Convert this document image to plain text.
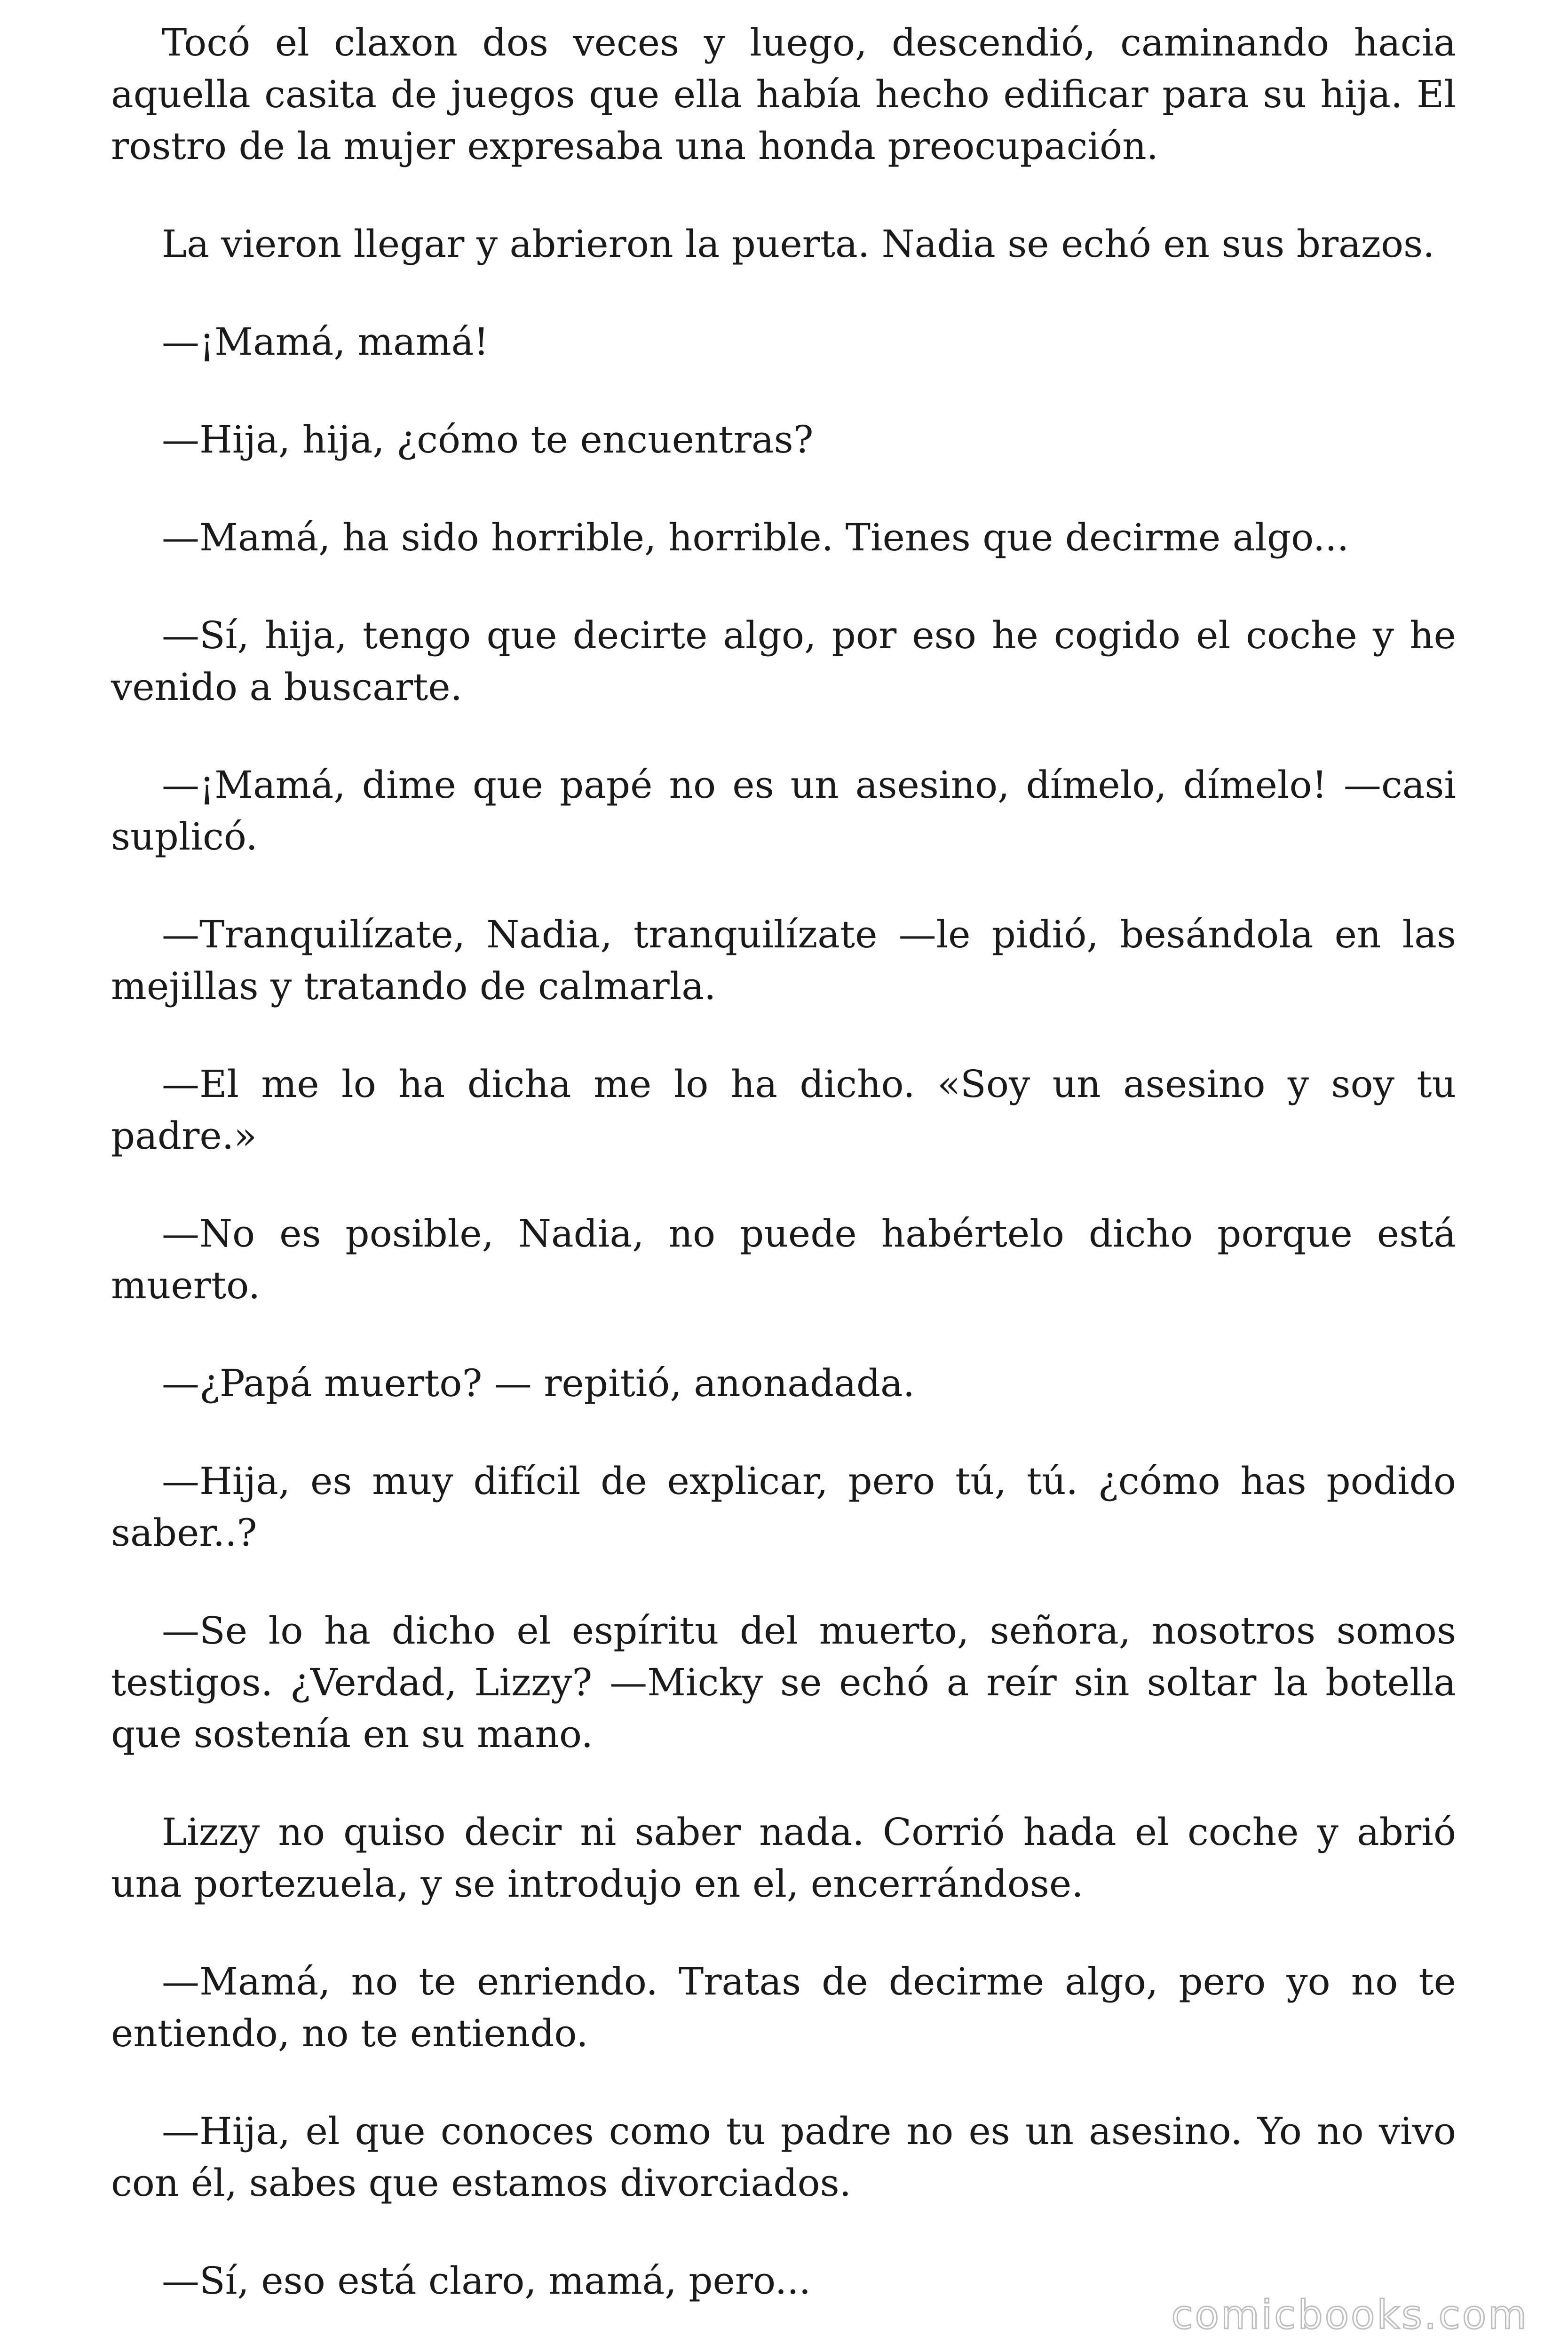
Tocó el claxon dos veces y luego, descendió, caminando hacia aquella casita de juegos que ella había hecho edificar para su hija. El rostro de la mujer expresaba una honda preocupación.

La vieron llegar y abrieron la puerta. Nadia se echó en sus brazos.

—¡Mamá, mamá!

—Hija, hija, ¿cómo te encuentras?

—Mamá, ha sido horrible, horrible. Tienes que decirme algo...

—Sí, hija, tengo que decirte algo, por eso he cogido el coche y he venido a buscarte.

—¡Mamá, dime que papé no es un asesino, dímelo, dímelo! —casi suplicó.

—Tranquilízate, Nadia, tranquilízate —le pidió, besándola en las mejillas y tratando de calmarla.

—El me lo ha dicha me lo ha dicho. «Soy un asesino y soy tu padre.»

—No es posible, Nadia, no puede habértelo dicho porque está muerto.

—¿Papá muerto? — repitió, anonadada.

—Hija, es muy difícil de explicar, pero tú, tú. ¿cómo has podido saber..?

—Se lo ha dicho el espíritu del muerto, señora, nosotros somos testigos. ¿Verdad, Lizzy? —Micky se echó a reír sin soltar la botella que sostenía en su mano.

Lizzy no quiso decir ni saber nada. Corrió hada el coche y abrió una portezuela, y se introdujo en el, encerrándose.

—Mamá, no te enriendo. Tratas de decirme algo, pero yo no te entiendo, no te entiendo.

—Hija, el que conoces como tu padre no es un asesino. Yo no vivo con él, sabes que estamos divorciados.

—Sí, eso está claro, mamá, pero...

comicbooks.com
